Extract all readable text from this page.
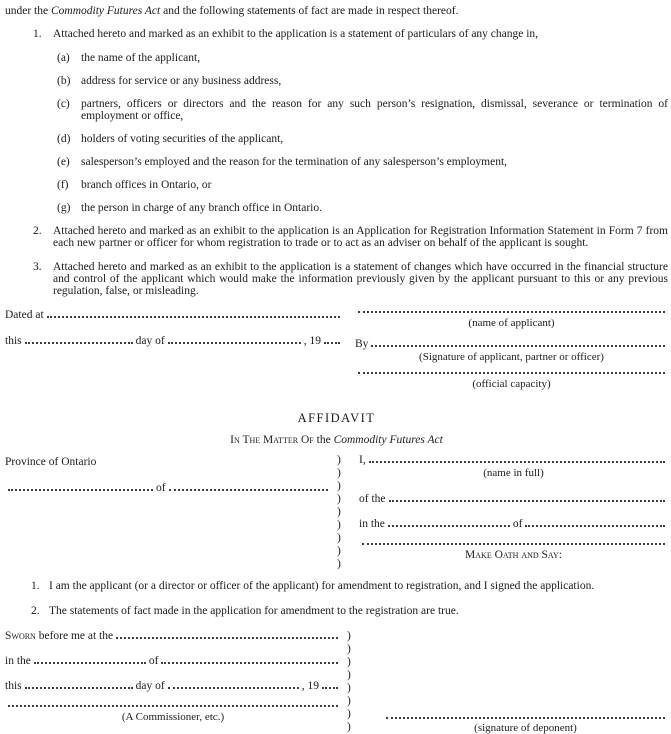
under the Commodity Futures Act and the following statements of fact are made in respect thereof.

1. Attached hereto and marked as an exhibit to the application is a statement of particulars of any change in,
(a) the name of the applicant,
(b) address for service or any business address,
(c) partners, officers or directors and the reason for any such person’s resignation, dismissal, severance or termination of employment or office,
(d) holders of voting securities of the applicant,
(e) salesperson’s employed and the reason for the termination of any salesperson’s employment,
(f)	branch offices in Ontario, or
(g) the person in charge of any branch office in Ontario.
2. Attached hereto and marked as an exhibit to the application is an Application for Registration Information Statement in Form 7 from each new partner or officer for whom registration to trade or to act as an adviser on behalf of the applicant is sought.
3. Attached hereto and marked as an exhibit to the application is a statement of changes which have occurred in the financial structure and control of the applicant which would make the information previously given by the applicant pursuant to this or any previous regulation, false, or misleading.
Dated at
this	day of	, 19
(name of applicant)
By
(Signature of applicant, partner or officer)
(official capacity)
AFFIDAVIT
In The Matter Of the Commodity Futures Act
Province of Ontario
of
)
)
)
)
)
)
)
)
)
I,
(name in full)
of the
in the	of
Make Oath and Say:
1. I am the applicant (or a director or officer of the applicant) for amendment to registration, and I signed the application.
2. The statements of fact made in the application for amendment to the registration are true.
Sworn before me at the
in the	of
this	day of	, 19
(A Commissioner, etc.)
)
)
)
)
)
)
)
)	(signature of deponent)
